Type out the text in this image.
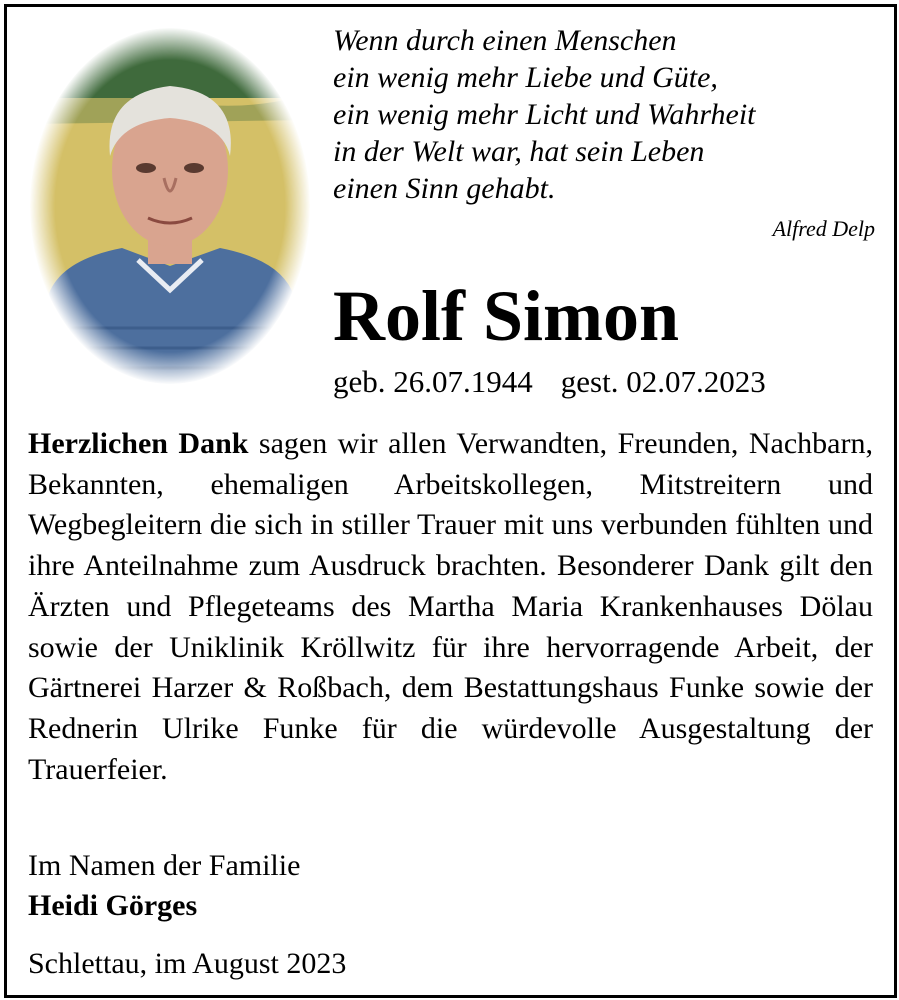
Wenn durch einen Menschen
ein wenig mehr Liebe und Güte,
ein wenig mehr Licht und Wahrheit
in der Welt war, hat sein Leben
einen Sinn gehabt.
Alfred Delp
Rolf Simon
geb. 26.07.1944 gest. 02.07.2023

Herzlichen Dank sagen wir allen Verwandten, Freunden, Nachbarn, Bekannten, ehemaligen Arbeitskollegen, Mitstreitern und Wegbegleitern die sich in stiller Trauer mit uns verbunden fühlten und ihre Anteilnahme zum Ausdruck brachten. Besonderer Dank gilt den Ärzten und Pflegeteams des Martha Maria Krankenhauses Dölau sowie der Uniklinik Kröllwitz für ihre hervorragende Arbeit, der Gärtnerei Harzer & Roßbach, dem Bestattungshaus Funke sowie der Rednerin Ulrike Funke für die würdevolle Ausgestaltung der Trauerfeier.

Im Namen der Familie
Heidi Görges
Schlettau, im August 2023
